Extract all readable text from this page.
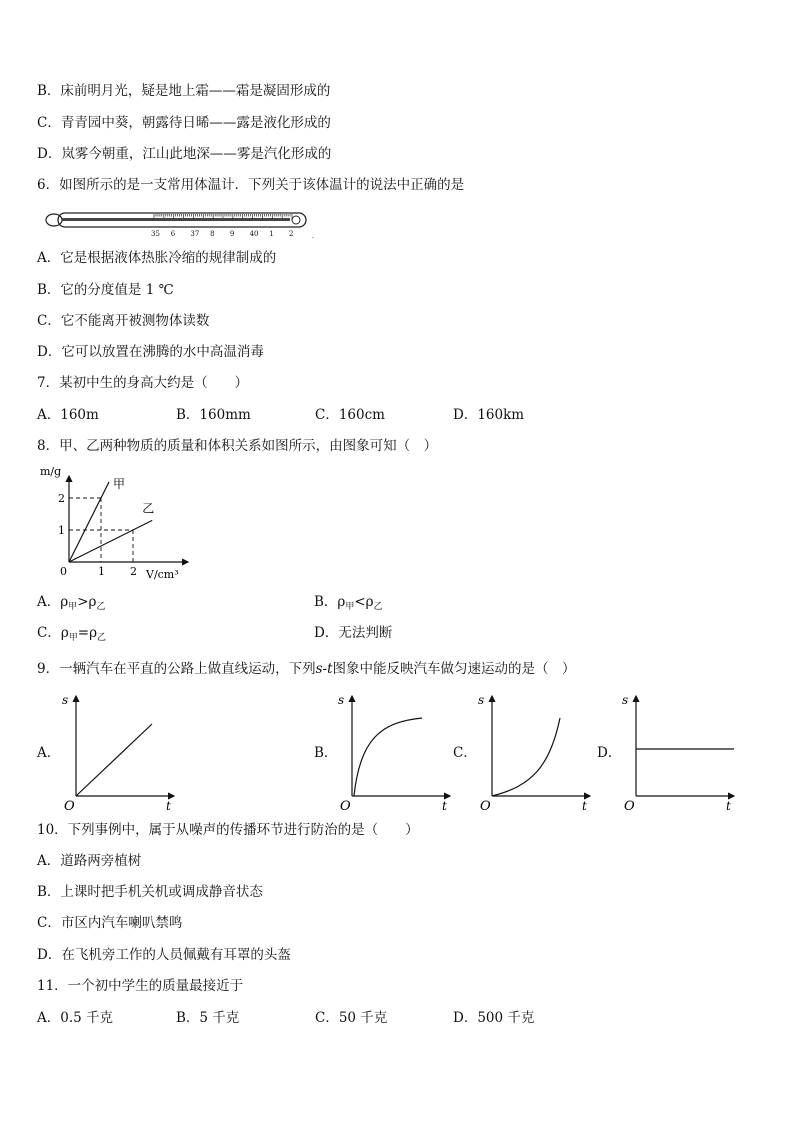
B．床前明月光，疑是地上霜——霜是凝固形成的
C．青青园中葵，朝露待日晞——露是液化形成的
D．岚雾今朝重，江山此地深——雾是汽化形成的
6．如图所示的是一支常用体温计．下列关于该体温计的说法中正确的是
35 6 37 8 9 40 1 2	.
A．它是根据液体热胀冷缩的规律制成的
B．它的分度值是 1 ℃
C．它不能离开被测物体读数
D．它可以放置在沸腾的水中高温消毒
7．某初中生的身高大约是（　　）
A．160m	B．160mm	C．160cm	D．160km
8．甲、乙两种物质的质量和体积关系如图所示，由图象可知（　）
m/g
V/cm³
0	1 2
1
2
甲
乙
A．$\rho_甲>\rho_乙$	B．$\rho_甲<\rho_乙$
C．$\rho_甲=\rho_乙$	D．无法判断
9．一辆汽车在平直的公路上做直线运动，下列s-t图象中能反映汽车做匀速运动的是（　）
A．	B．	C．	D．
s
t
O
s
t
O
s
t
O
s
t
O
10．下列事例中，属于从噪声的传播环节进行防治的是（　　）
A．道路两旁植树
B．上课时把手机关机或调成静音状态
C．市区内汽车喇叭禁鸣
D．在飞机旁工作的人员佩戴有耳罩的头盔
11．一个初中学生的质量最接近于
A．0.5 千克	B．5 千克	C．50 千克	D．500 千克
